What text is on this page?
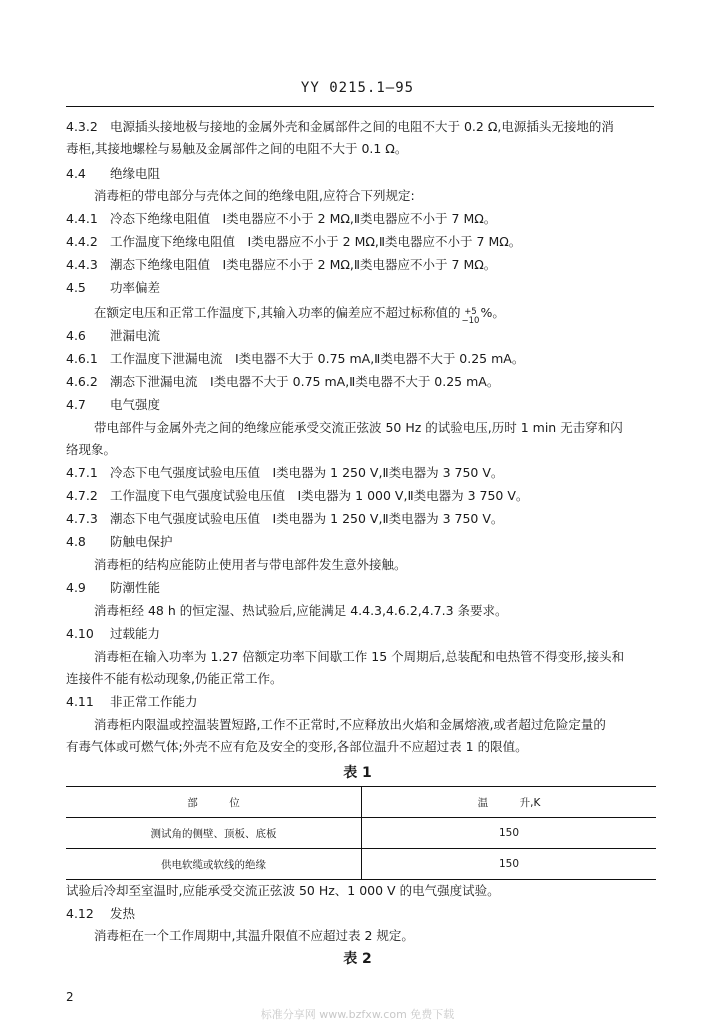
YY 0215.1—95
4.3.2 电源插头接地极与接地的金属外壳和金属部件之间的电阻不大于 0.2 Ω,电源插头无接地的消
毒柜,其接地螺栓与易触及金属部件之间的电阻不大于 0.1 Ω。
4.4 绝缘电阻
消毒柜的带电部分与壳体之间的绝缘电阻,应符合下列规定:
4.4.1 冷态下绝缘电阻值　Ⅰ类电器应不小于 2 MΩ,Ⅱ类电器应不小于 7 MΩ。
4.4.2 工作温度下绝缘电阻值　Ⅰ类电器应不小于 2 MΩ,Ⅱ类电器应不小于 7 MΩ。
4.4.3 潮态下绝缘电阻值　Ⅰ类电器应不小于 2 MΩ,Ⅱ类电器应不小于 7 MΩ。
4.5 功率偏差
在额定电压和正常工作温度下,其输入功率的偏差应不超过标称值的 +5
−10
%。
4.6 泄漏电流
4.6.1 工作温度下泄漏电流　Ⅰ类电器不大于 0.75 mA,Ⅱ类电器不大于 0.25 mA。
4.6.2 潮态下泄漏电流　Ⅰ类电器不大于 0.75 mA,Ⅱ类电器不大于 0.25 mA。
4.7 电气强度
带电部件与金属外壳之间的绝缘应能承受交流正弦波 50 Hz 的试验电压,历时 1 min 无击穿和闪
络现象。
4.7.1 冷态下电气强度试验电压值　Ⅰ类电器为 1 250 V,Ⅱ类电器为 3 750 V。
4.7.2 工作温度下电气强度试验电压值　Ⅰ类电器为 1 000 V,Ⅱ类电器为 3 750 V。
4.7.3 潮态下电气强度试验电压值　Ⅰ类电器为 1 250 V,Ⅱ类电器为 3 750 V。
4.8 防触电保护
消毒柜的结构应能防止使用者与带电部件发生意外接触。
4.9 防潮性能
消毒柜经 48 h 的恒定湿、热试验后,应能满足 4.4.3,4.6.2,4.7.3 条要求。
4.10 过载能力
消毒柜在输入功率为 1.27 倍额定功率下间歇工作 15 个周期后,总装配和电热管不得变形,接头和
连接件不能有松动现象,仍能正常工作。
4.11 非正常工作能力
消毒柜内限温或控温装置短路,工作不正常时,不应释放出火焰和金属熔液,或者超过危险定量的
有毒气体或可燃气体;外壳不应有危及安全的变形,各部位温升不应超过表 1 的限值。
表 1
部　　　位	温　　　升,K
测试角的侧壁、顶板、底板	150
供电软缆或软线的绝缘	150
试验后冷却至室温时,应能承受交流正弦波 50 Hz、1 000 V 的电气强度试验。
4.12 发热
消毒柜在一个工作周期中,其温升限值不应超过表 2 规定。
表 2
2
标准分享网 www.bzfxw.com 免费下载
